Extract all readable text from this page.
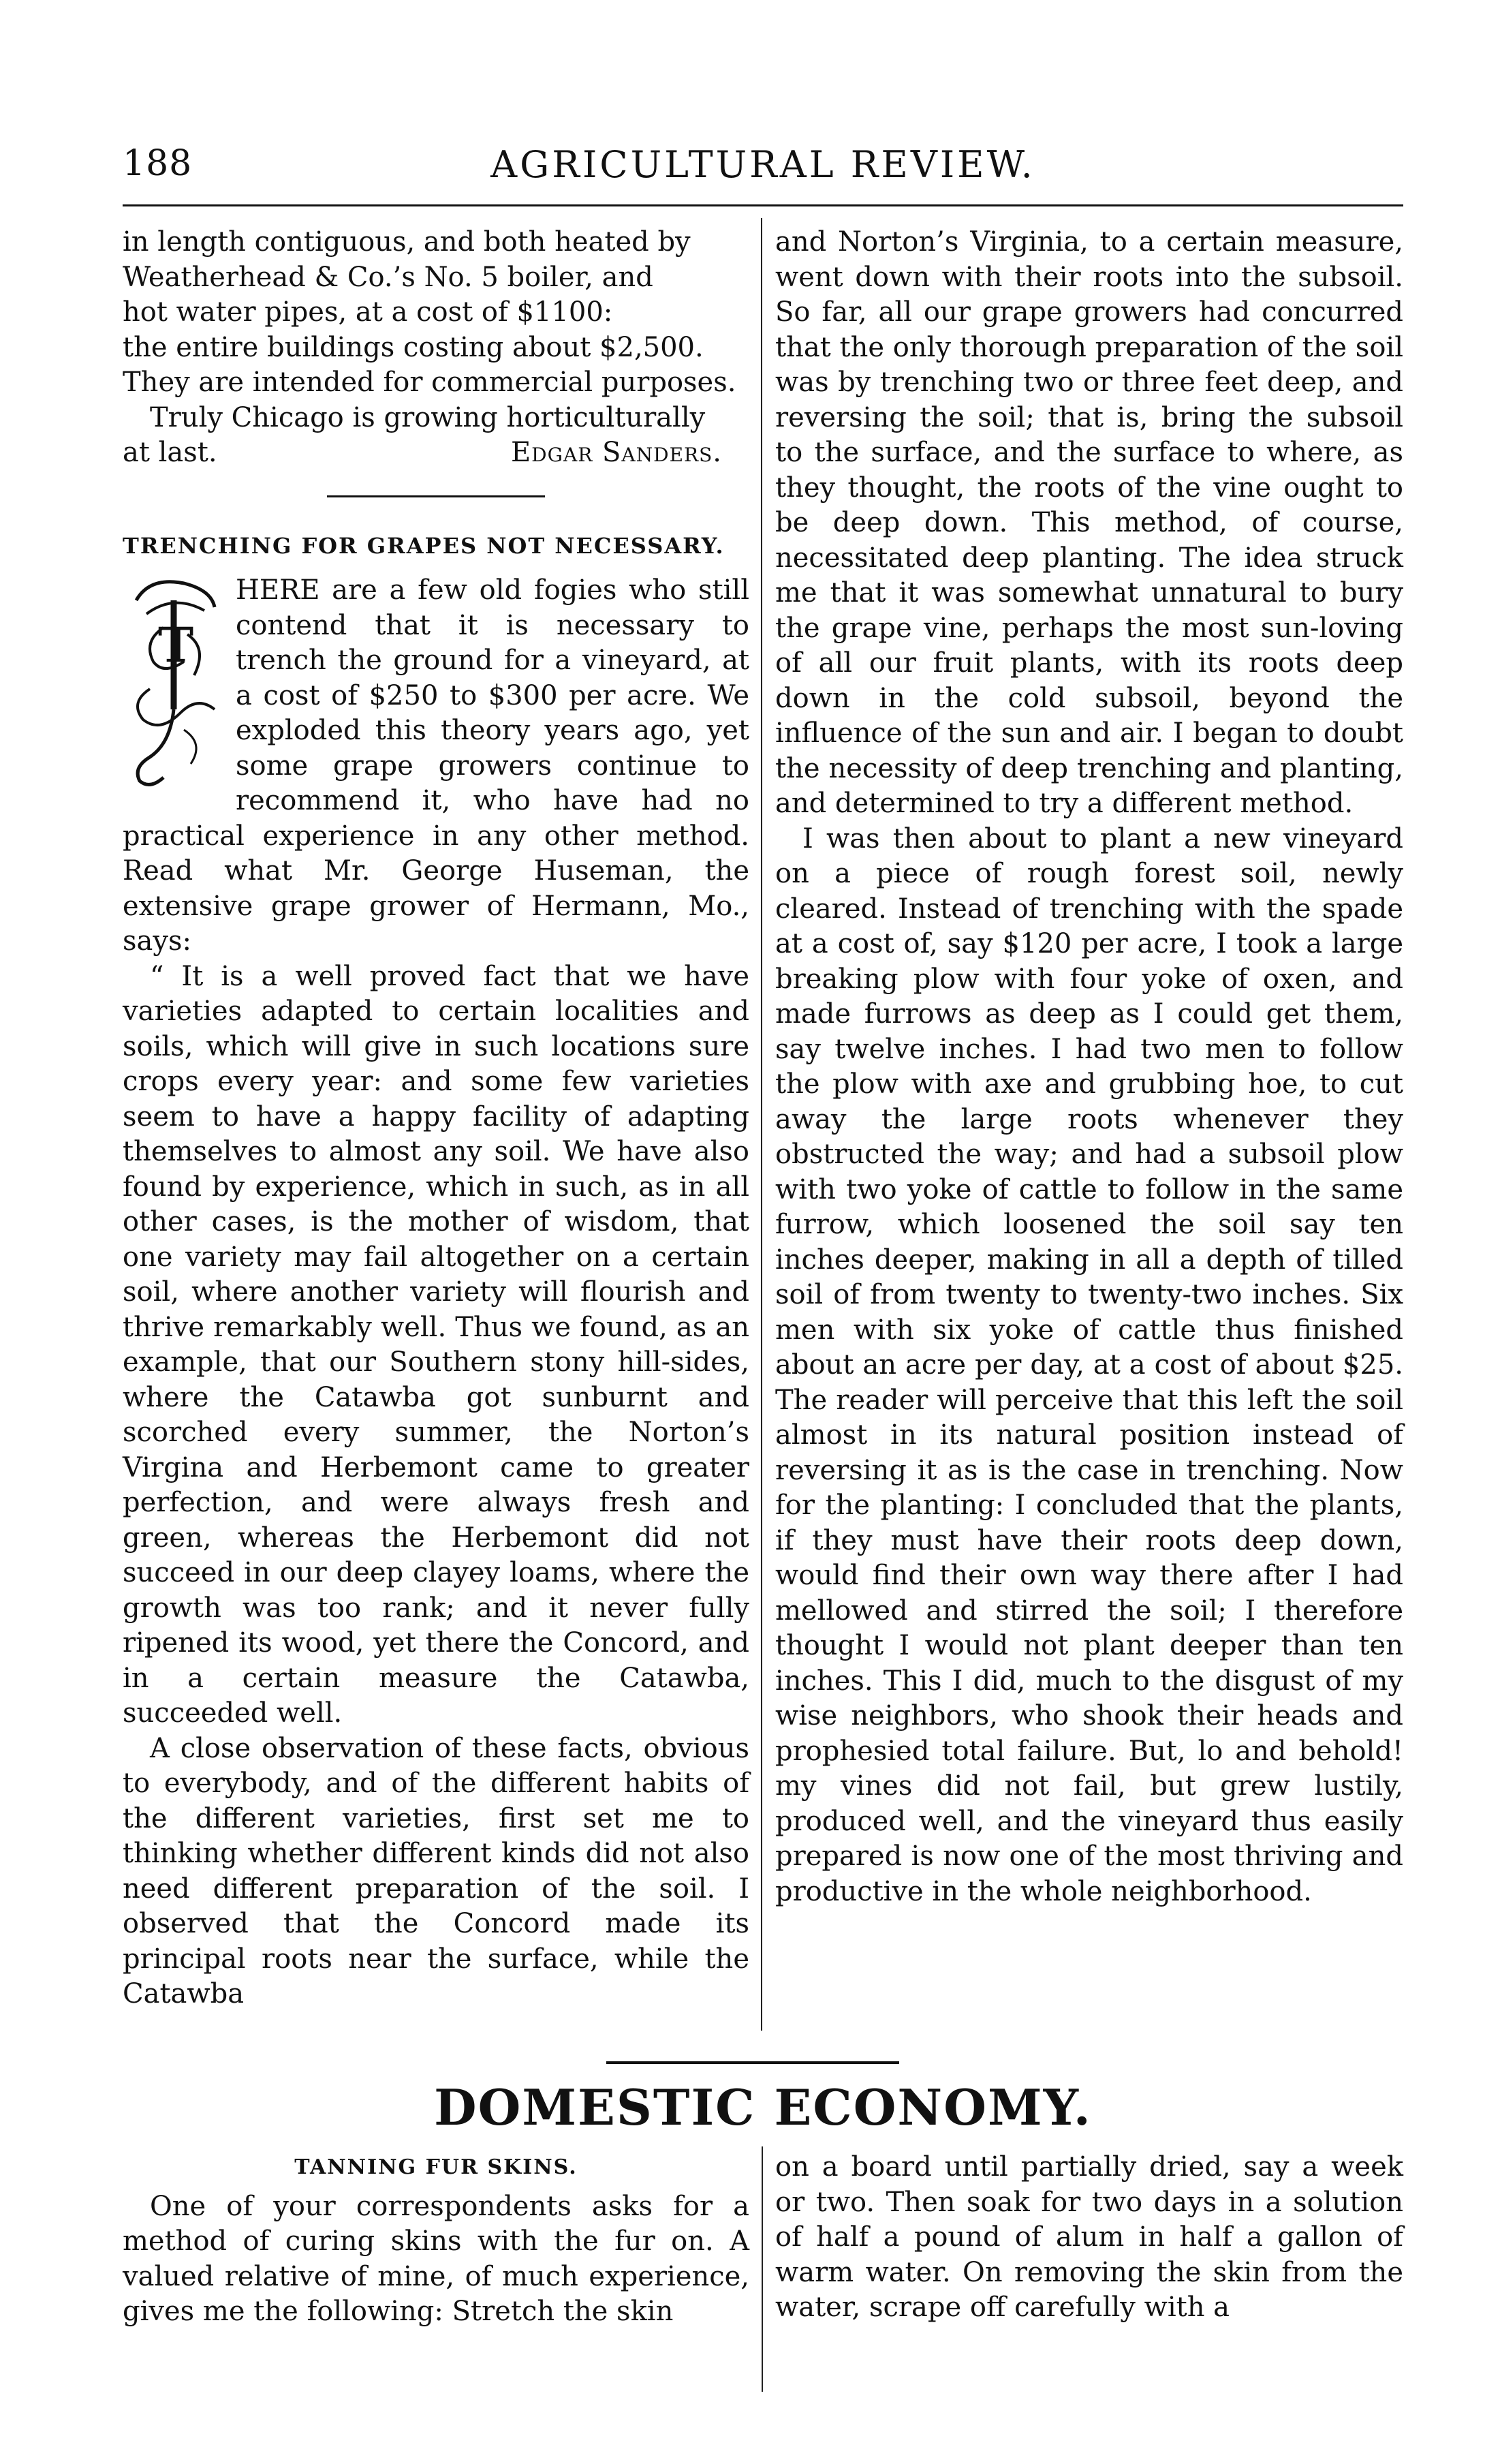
188	AGRICULTURAL REVIEW.

in length contiguous, and both heated by

Weatherhead & Co.’s No. 5 boiler, and

hot water pipes, at a cost of $1100:

the entire buildings costing about $2,500.

They are intended for commercial purposes.

Truly Chicago is growing horticulturally

at last.	Edgar Sanders.
TRENCHING FOR GRAPES NOT NECESSARY.
T

HERE are a few old fogies who still contend that it is necessary to trench the ground for a vineyard, at a cost of $250 to $300 per acre. We exploded this theory years ago, yet some grape growers continue to recommend it, who have had no practical experience in any other method. Read what Mr. George Huseman, the extensive grape grower of Hermann, Mo., says:

“ It is a well proved fact that we have varieties adapted to certain localities and soils, which will give in such locations sure crops every year: and some few varieties seem to have a happy facility of adapting themselves to almost any soil. We have also found by experience, which in such, as in all other cases, is the mother of wisdom, that one variety may fail altogether on a certain soil, where another variety will flourish and thrive remarkably well. Thus we found, as an example, that our Southern stony hill-sides, where the Catawba got sunburnt and scorched every summer, the Norton’s Virgina and Herbemont came to greater perfection, and were always fresh and green, whereas the Herbemont did not succeed in our deep clayey loams, where the growth was too rank; and it never fully ripened its wood, yet there the Concord, and in a certain measure the Catawba, succeeded well.

A close observation of these facts, obvious to everybody, and of the different habits of the different varieties, first set me to thinking whether different kinds did not also need different preparation of the soil. I observed that the Concord made its principal roots near the surface, while the Catawba

and Norton’s Virginia, to a certain measure, went down with their roots into the subsoil. So far, all our grape growers had concurred that the only thorough preparation of the soil was by trenching two or three feet deep, and reversing the soil; that is, bring the subsoil to the surface, and the surface to where, as they thought, the roots of the vine ought to be deep down. This method, of course, necessitated deep planting. The idea struck me that it was somewhat unnatural to bury the grape vine, perhaps the most sun-loving of all our fruit plants, with its roots deep down in the cold subsoil, beyond the influence of the sun and air. I began to doubt the necessity of deep trenching and planting, and determined to try a different method.

I was then about to plant a new vineyard on a piece of rough forest soil, newly cleared. Instead of trenching with the spade at a cost of, say $120 per acre, I took a large breaking plow with four yoke of oxen, and made furrows as deep as I could get them, say twelve inches. I had two men to follow the plow with axe and grubbing hoe, to cut away the large roots whenever they obstructed the way; and had a subsoil plow with two yoke of cattle to follow in the same furrow, which loosened the soil say ten inches deeper, making in all a depth of tilled soil of from twenty to twenty-two inches. Six men with six yoke of cattle thus finished about an acre per day, at a cost of about $25. The reader will perceive that this left the soil almost in its natural position instead of reversing it as is the case in trenching. Now for the planting: I concluded that the plants, if they must have their roots deep down, would find their own way there after I had mellowed and stirred the soil; I therefore thought I would not plant deeper than ten inches. This I did, much to the disgust of my wise neighbors, who shook their heads and prophesied total failure. But, lo and behold! my vines did not fail, but grew lustily, produced well, and the vineyard thus easily prepared is now one of the most thriving and productive in the whole neighborhood.

DOMESTIC ECONOMY.
TANNING FUR SKINS.

One of your correspondents asks for a method of curing skins with the fur on. A valued relative of mine, of much experience, gives me the following: Stretch the skin

on a board until partially dried, say a week or two. Then soak for two days in a solution of half a pound of alum in half a gallon of warm water. On removing the skin from the water, scrape off carefully with a
